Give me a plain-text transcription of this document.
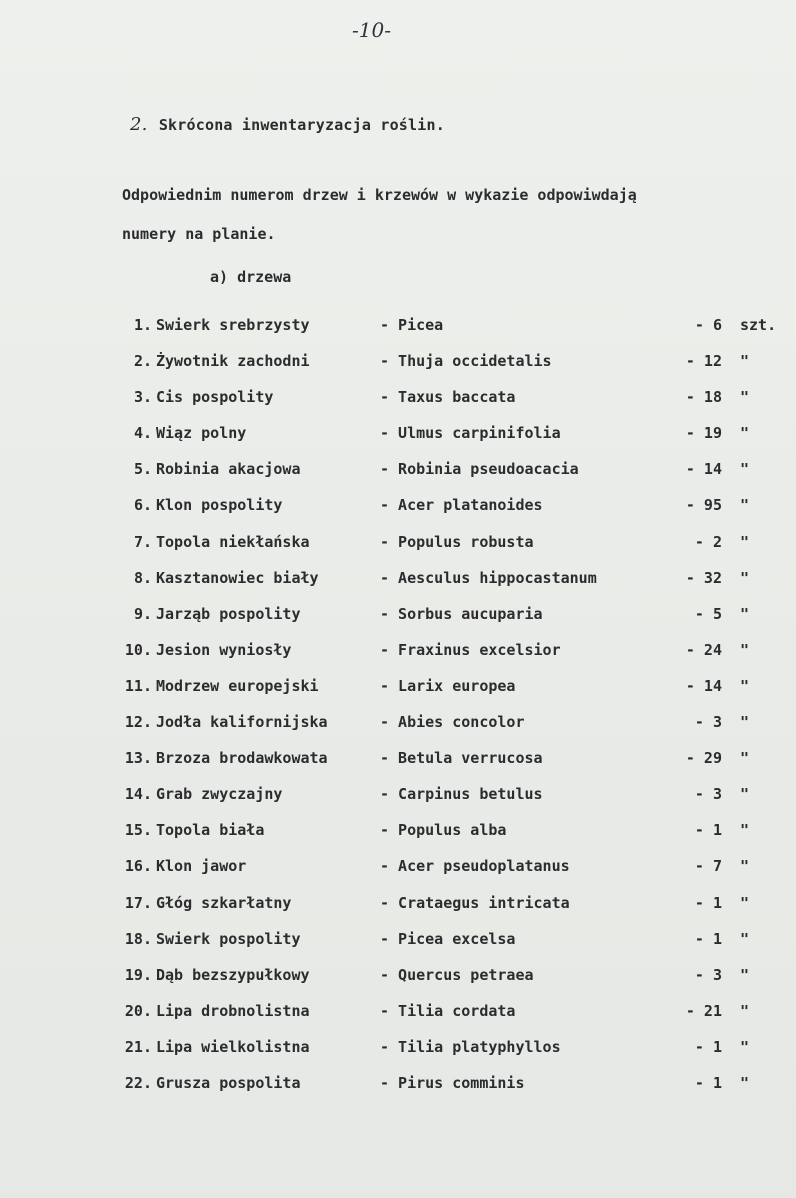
-10-
2. Skrócona inwentaryzacja roślin.
Odpowiednim numerom drzew i krzewów w wykazie odpowiwdają
numery na planie.
a) drzewa
1. Swierk srebrzysty	- Picea	- 6 szt.
2. Żywotnik zachodni	- Thuja occidetalis	- 12 "
3. Cis pospolity	- Taxus baccata	- 18 "
4. Wiąz polny	- Ulmus carpinifolia	- 19 "
5. Robinia akacjowa	- Robinia pseudoacacia	- 14 "
6. Klon pospolity	- Acer platanoides	- 95 "
7. Topola niekłańska	- Populus robusta	- 2 "
8. Kasztanowiec biały	- Aesculus hippocastanum	- 32 "
9. Jarząb pospolity	- Sorbus aucuparia	- 5 "
10. Jesion wyniosły	- Fraxinus excelsior	- 24 "
11. Modrzew europejski	- Larix europea	- 14 "
12. Jodła kalifornijska	- Abies concolor	- 3 "
13. Brzoza brodawkowata	- Betula verrucosa	- 29 "
14. Grab zwyczajny	- Carpinus betulus	- 3 "
15. Topola biała	- Populus alba	- 1 "
16. Klon jawor	- Acer pseudoplatanus	- 7 "
17. Głóg szkarłatny	- Crataegus intricata	- 1 "
18. Swierk pospolity	- Picea excelsa	- 1 "
19. Dąb bezszypułkowy	- Quercus petraea	- 3 "
20. Lipa drobnolistna	- Tilia cordata	- 21 "
21. Lipa wielkolistna	- Tilia platyphyllos	- 1 "
22. Grusza pospolita	- Pirus comminis	- 1 "
